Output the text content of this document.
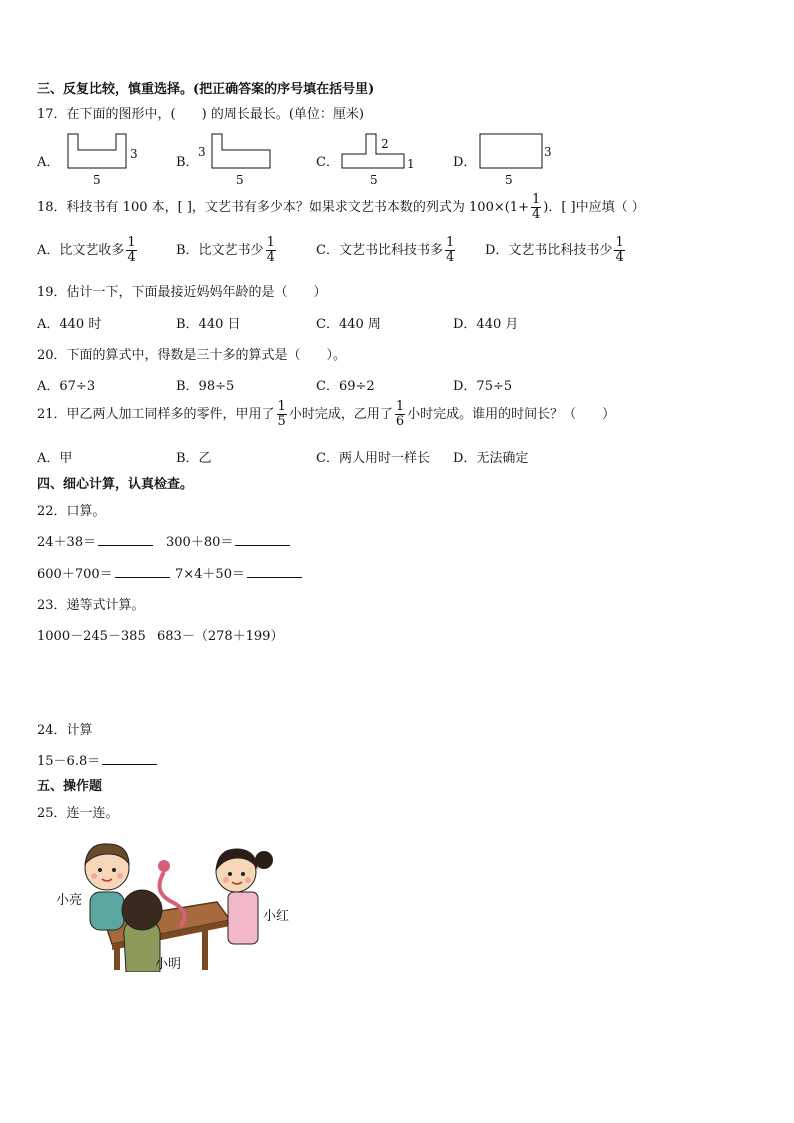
三、反复比较，慎重选择。(把正确答案的序号填在括号里)
17．在下面的图形中，(　　) 的周长最长。(单位：厘米)
A．
3
5
B．
3
5
C．
2
1
5
D．
3
5
18．科技书有 100 本，[ ]，文艺书有多少本？如果求文艺书本数的列式为 $100\times(1+ \frac{1}{4}$ )．[ ]中应填（ ）
A．比文艺收多 $\frac{1}{4}$	B．比文艺书少 $\frac{1}{4}$	C．文艺书比科技书多 $\frac{1}{4}$ D．文艺书比科技书少 $\frac{1}{4}$
19．估计一下，下面最接近妈妈年龄的是（　　）
A．440 时	B．440 日	C．440 周	D．440 月
20．下面的算式中，得数是三十多的算式是（　　）。
A．67÷3	B．98÷5	C．69÷2	D．75÷5
21．甲乙两人加工同样多的零件，甲用了 $\frac{1}{5}$ 小时完成，乙用了 $\frac{1}{6}$ 小时完成。谁用的时间长？（　　）
A．甲	B．乙	C．两人用时一样长 D．无法确定
四、细心计算，认真检查。
22．口算。
24＋38＝	300＋80＝
600＋700＝	7×4＋50＝
23．递等式计算。
1000－245－385 683－（278＋199）
24．计算
15－6.8＝
五、操作题
25．连一连。
小亮
小明
小红
